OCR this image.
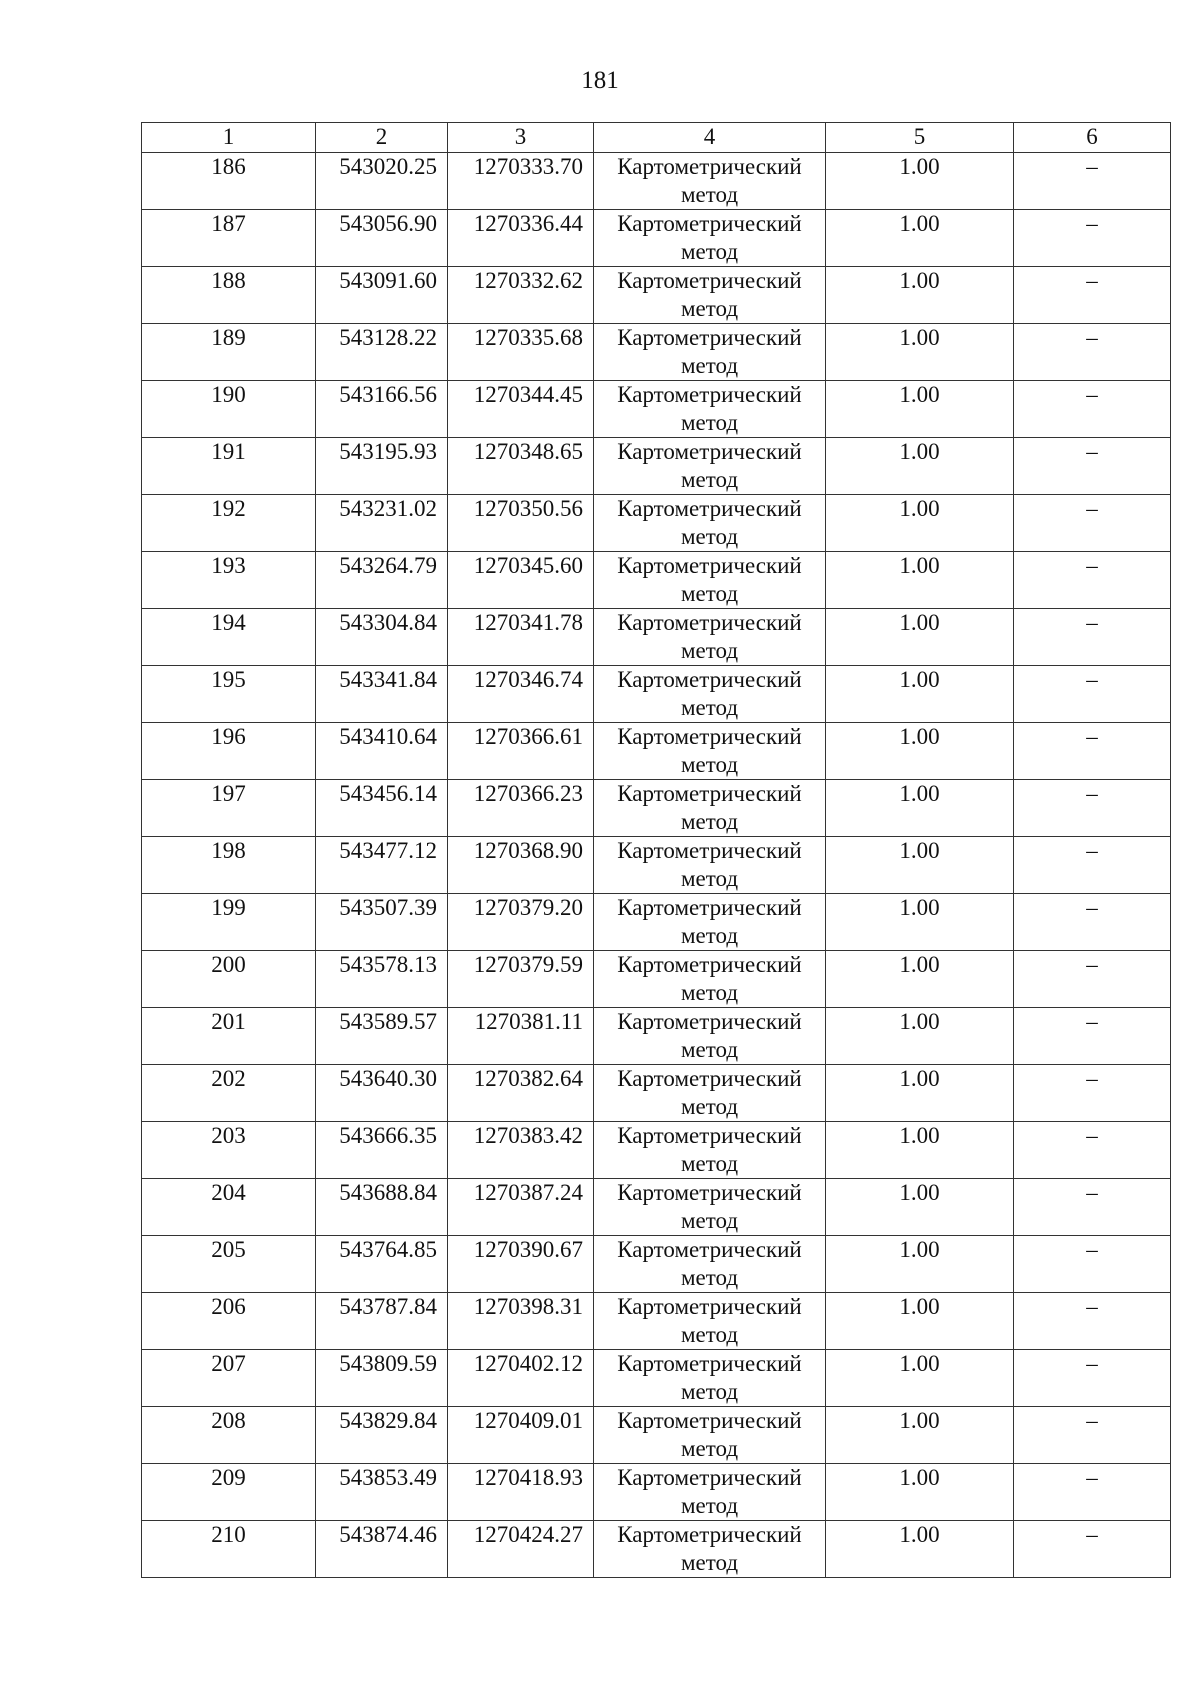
181
1	2	3	4	5	6
186	543020.25	1270333.70	Картометрический метод	1.00	–
187	543056.90	1270336.44	Картометрический метод	1.00	–
188	543091.60	1270332.62	Картометрический метод	1.00	–
189	543128.22	1270335.68	Картометрический метод	1.00	–
190	543166.56	1270344.45	Картометрический метод	1.00	–
191	543195.93	1270348.65	Картометрический метод	1.00	–
192	543231.02	1270350.56	Картометрический метод	1.00	–
193	543264.79	1270345.60	Картометрический метод	1.00	–
194	543304.84	1270341.78	Картометрический метод	1.00	–
195	543341.84	1270346.74	Картометрический метод	1.00	–
196	543410.64	1270366.61	Картометрический метод	1.00	–
197	543456.14	1270366.23	Картометрический метод	1.00	–
198	543477.12	1270368.90	Картометрический метод	1.00	–
199	543507.39	1270379.20	Картометрический метод	1.00	–
200	543578.13	1270379.59	Картометрический метод	1.00	–
201	543589.57	1270381.11	Картометрический метод	1.00	–
202	543640.30	1270382.64	Картометрический метод	1.00	–
203	543666.35	1270383.42	Картометрический метод	1.00	–
204	543688.84	1270387.24	Картометрический метод	1.00	–
205	543764.85	1270390.67	Картометрический метод	1.00	–
206	543787.84	1270398.31	Картометрический метод	1.00	–
207	543809.59	1270402.12	Картометрический метод	1.00	–
208	543829.84	1270409.01	Картометрический метод	1.00	–
209	543853.49	1270418.93	Картометрический метод	1.00	–
210	543874.46	1270424.27	Картометрический метод	1.00	–
